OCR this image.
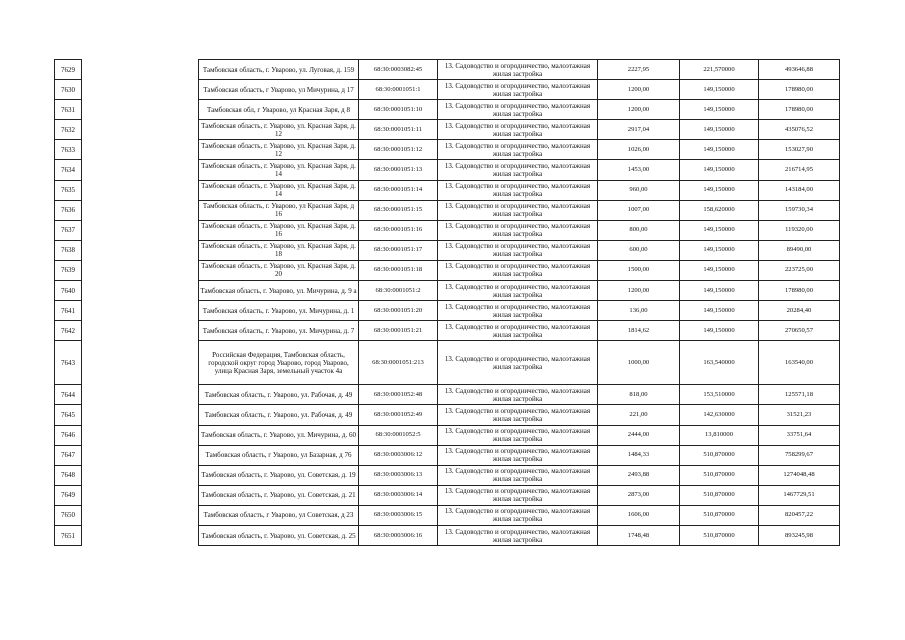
7629		Тамбовская область, г. Уварово, ул. Луговая, д. 159	68:30:0003082:45	13. Садоводство и огородничество, малоэтажная жилая застройка	2227,95	221,570000	493646,88
7630		Тамбовская область, г Уварово, ул Мичурина, д 17	68:30:0001051:1	13. Садоводство и огородничество, малоэтажная жилая застройка	1200,00	149,150000	178980,00
7631		Тамбовская обл, г Уварово, ул Красная Заря, д 8	68:30:0001051:10	13. Садоводство и огородничество, малоэтажная жилая застройка	1200,00	149,150000	178980,00
7632		Тамбовская область, г. Уварово, ул. Красная Заря, д. 12	68:30:0001051:11	13. Садоводство и огородничество, малоэтажная жилая застройка	2917,04	149,150000	435076,52
7633		Тамбовская область, г. Уварово, ул. Красная Заря, д. 12	68:30:0001051:12	13. Садоводство и огородничество, малоэтажная жилая застройка	1026,00	149,150000	153027,90
7634		Тамбовская область, г. Уварово, ул. Красная Заря, д. 14	68:30:0001051:13	13. Садоводство и огородничество, малоэтажная жилая застройка	1453,00	149,150000	216714,95
7635		Тамбовская область, г. Уварово, ул. Красная Заря, д. 14	68:30:0001051:14	13. Садоводство и огородничество, малоэтажная жилая застройка	960,00	149,150000	143184,00
7636		Тамбовская область, г. Уварово, ул Красная Заря, д 16	68:30:0001051:15	13. Садоводство и огородничество, малоэтажная жилая застройка	1007,00	158,620000	159730,34
7637		Тамбовская область, г. Уварово, ул. Красная Заря, д. 16	68:30:0001051:16	13. Садоводство и огородничество, малоэтажная жилая застройка	800,00	149,150000	119320,00
7638		Тамбовская область, г. Уварово, ул. Красная Заря, д. 18	68:30:0001051:17	13. Садоводство и огородничество, малоэтажная жилая застройка	600,00	149,150000	89490,00
7639		Тамбовская область, г. Уварово, ул. Красная Заря, д. 20	68:30:0001051:18	13. Садоводство и огородничество, малоэтажная жилая застройка	1500,00	149,150000	223725,00
7640		Тамбовская область, г. Уварово, ул. Мичурина, д. 9 а	68:30:0001051:2	13. Садоводство и огородничество, малоэтажная жилая застройка	1200,00	149,150000	178980,00
7641		Тамбовская область, г. Уварово, ул. Мичурина, д. 1	68:30:0001051:20	13. Садоводство и огородничество, малоэтажная жилая застройка	136,00	149,150000	20284,40
7642		Тамбовская область, г. Уварово, ул. Мичурина, д. 7	68:30:0001051:21	13. Садоводство и огородничество, малоэтажная жилая застройка	1814,62	149,150000	270650,57
7643		Российская Федерация, Тамбовская область, городской округ город Уварово, город Уварово, улица Красная Заря, земельный участок 4а	68:30:0001051:213	13. Садоводство и огородничество, малоэтажная жилая застройка	1000,00	163,540000	163540,00
7644		Тамбовская область, г. Уварово, ул. Рабочая, д. 49	68:30:0001052:48	13. Садоводство и огородничество, малоэтажная жилая застройка	818,00	153,510000	125571,18
7645		Тамбовская область, г. Уварово, ул. Рабочая, д. 49	68:30:0001052:49	13. Садоводство и огородничество, малоэтажная жилая застройка	221,00	142,630000	31521,23
7646		Тамбовская область, г. Уварово, ул. Мичурина, д. 60	68:30:0001052:5	13. Садоводство и огородничество, малоэтажная жилая застройка	2444,00	13,810000	33751,64
7647		Тамбовская область, г Уварово, ул Базарная, д 76	68:30:0003006:12	13. Садоводство и огородничество, малоэтажная жилая застройка	1484,33	510,870000	758299,67
7648		Тамбовская область, г. Уварово, ул. Советская, д. 19	68:30:0003006:13	13. Садоводство и огородничество, малоэтажная жилая застройка	2493,88	510,870000	1274048,48
7649		Тамбовская область, г. Уварово, ул. Советская, д. 21	68:30:0003006:14	13. Садоводство и огородничество, малоэтажная жилая застройка	2873,00	510,870000	1467729,51
7650		Тамбовская область, г Уварово, ул Советская, д 23	68:30:0003006:15	13. Садоводство и огородничество, малоэтажная жилая застройка	1606,00	510,870000	820457,22
7651		Тамбовская область, г. Уварово, ул. Советская, д. 25	68:30:0003006:16	13. Садоводство и огородничество, малоэтажная жилая застройка	1748,48	510,870000	893245,98
